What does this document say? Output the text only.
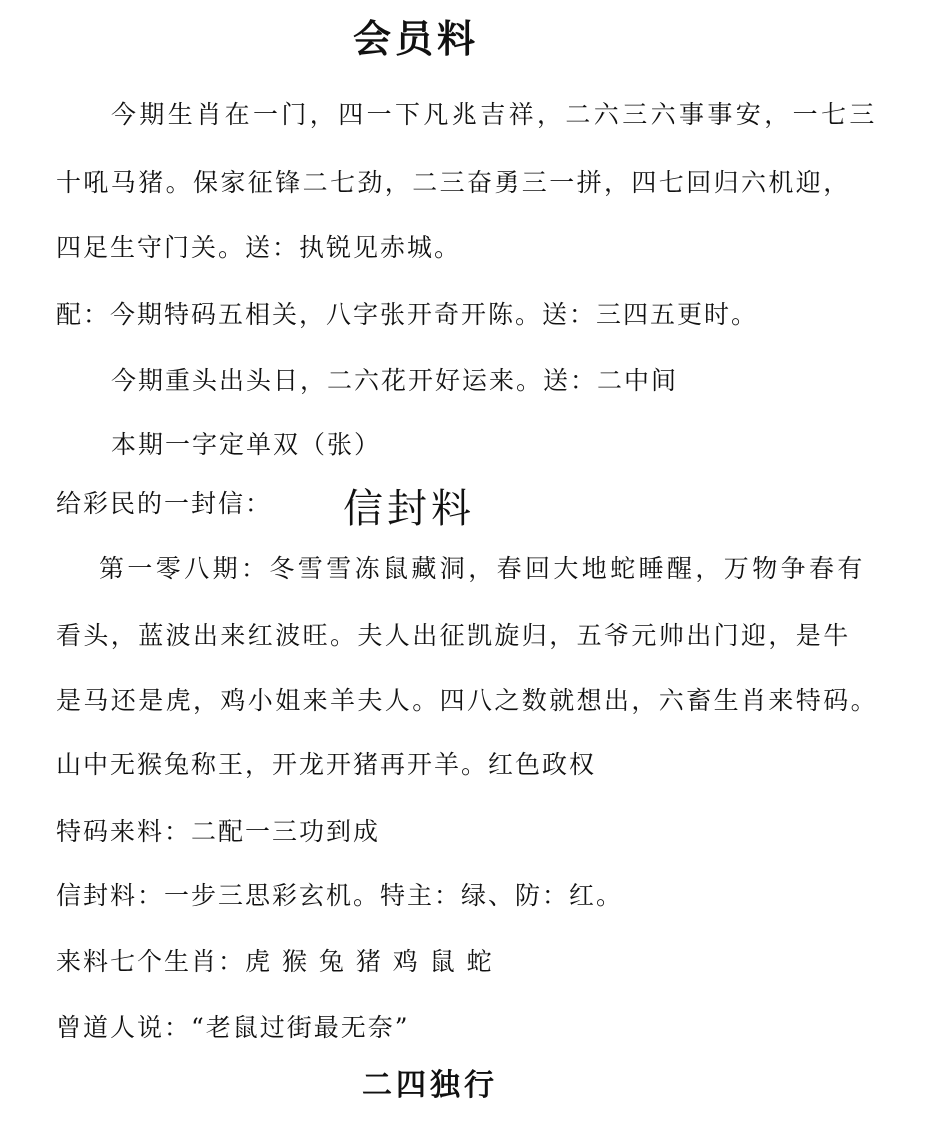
会员料
今期生肖在一门，四一下凡兆吉祥，二六三六事事安，一七三
十吼马猪。保家征锋二七劲，二三奋勇三一拼，四七回归六机迎，
四足生守门关。送：执锐见赤城。
配：今期特码五相关，八字张开奇开陈。送：三四五更时。
今期重头出头日，二六花开好运来。送：二中间
本期一字定单双（张）
给彩民的一封信： 信封料
第一零八期：冬雪雪冻鼠藏洞，春回大地蛇睡醒，万物争春有
看头，蓝波出来红波旺。夫人出征凯旋归，五爷元帅出门迎，是牛
是马还是虎，鸡小姐来羊夫人。四八之数就想出，六畜生肖来特码。
山中无猴兔称王，开龙开猪再开羊。红色政权
特码来料：二配一三功到成
信封料：一步三思彩玄机。特主：绿、防：红。
来料七个生肖：虎 猴 兔 猪 鸡 鼠 蛇
曾道人说：“老鼠过街最无奈”
二四独行
